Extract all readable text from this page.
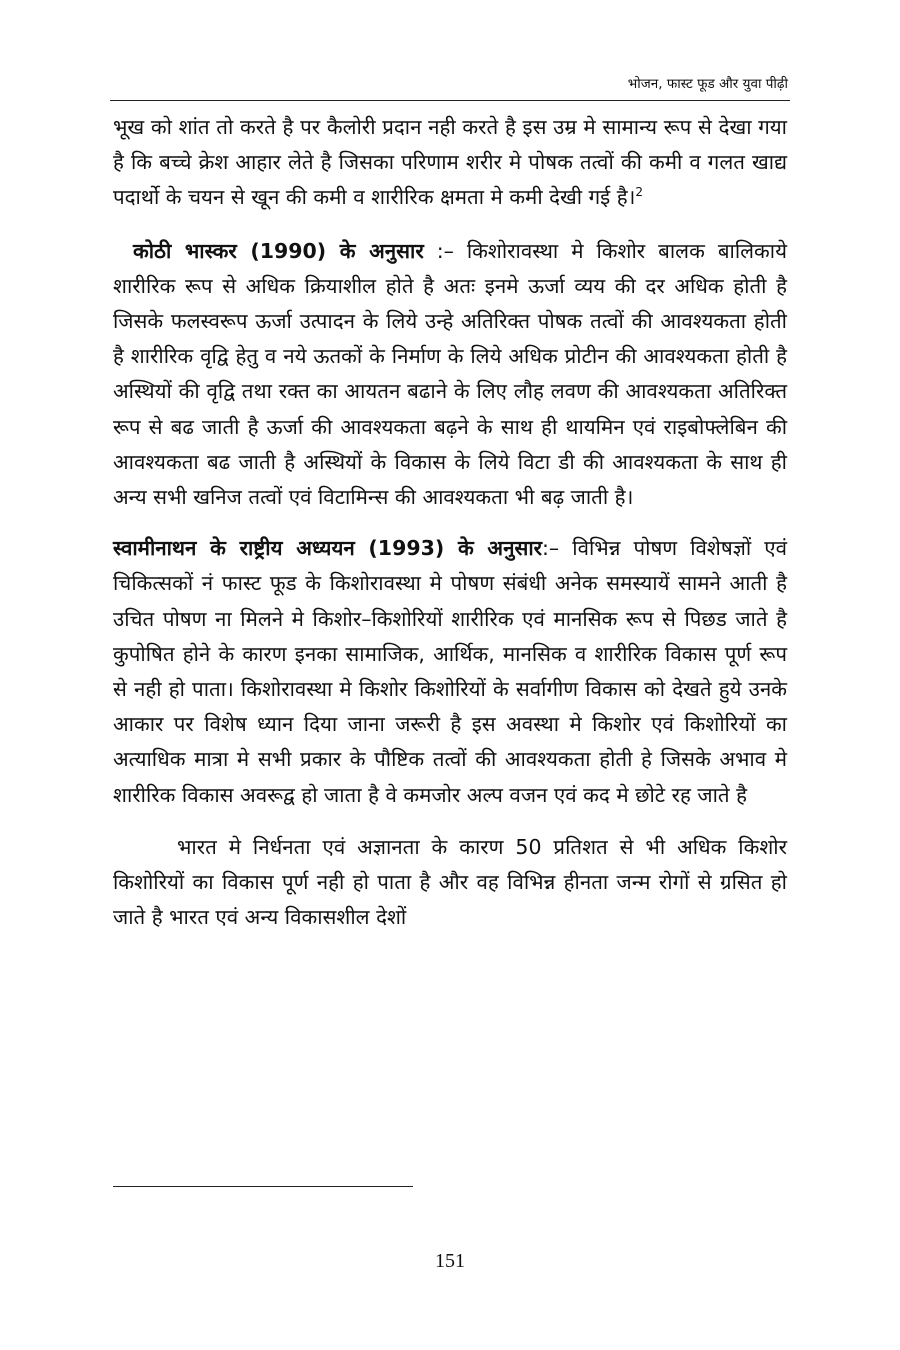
भोजन, फास्ट फूड और युवा पीढ़ी

भूख को शांत तो करते है पर कैलोरी प्रदान नही करते है इस उम्र मे सामान्य रूप से देखा गया है कि बच्चे क्रेश आहार लेते है जिसका परिणाम शरीर मे पोषक तत्वों की कमी व गलत खाद्य पदार्थो के चयन से खून की कमी व शारीरिक क्षमता मे कमी देखी गई है।$^2$

कोठी भास्कर (1990) के अनुसार :– किशोरावस्था मे किशोर बालक बालिकाये शारीरिक रूप से अधिक क्रियाशील होते है अतः इनमे ऊर्जा व्यय की दर अधिक होती है जिसके फलस्वरूप ऊर्जा उत्पादन के लिये उन्हे अतिरिक्त पोषक तत्वों की आवश्यकता होती है शारीरिक वृद्वि हेतु व नये ऊतकों के निर्माण के लिये अधिक प्रोटीन की आवश्यकता होती है अस्थियों की वृद्वि तथा रक्त का आयतन बढाने के लिए लौह लवण की आवश्यकता अतिरिक्त रूप से बढ जाती है ऊर्जा की आवश्यकता बढ़ने के साथ ही थायमिन एवं राइबोफ्लेबिन की आवश्यकता बढ जाती है अस्थियों के विकास के लिये विटा डी की आवश्यकता के साथ ही अन्य सभी खनिज तत्वों एवं विटामिन्स की आवश्यकता भी बढ़ जाती है।

स्वामीनाथन के राष्ट्रीय अध्ययन (1993) के अनुसार:– विभिन्न पोषण विशेषज्ञों एवं चिकित्सकों नं फास्ट फूड के किशोरावस्था मे पोषण संबंधी अनेक समस्यायें सामने आती है उचित पोषण ना मिलने मे किशोर–किशोरियों शारीरिक एवं मानसिक रूप से पिछड जाते है कुपोषित होने के कारण इनका सामाजिक, आर्थिक, मानसिक व शारीरिक विकास पूर्ण रूप से नही हो पाता। किशोरावस्था मे किशोर किशोरियों के सर्वागीण विकास को देखते हुये उनके आकार पर विशेष ध्यान दिया जाना जरूरी है इस अवस्था मे किशोर एवं किशोरियों का अत्याधिक मात्रा मे सभी प्रकार के पौष्टिक तत्वों की आवश्यकता होती हे जिसके अभाव मे शारीरिक विकास अवरूद्व हो जाता है वे कमजोर अल्प वजन एवं कद मे छोटे रह जाते है

भारत मे निर्धनता एवं अज्ञानता के कारण 50 प्रतिशत से भी अधिक किशोर किशोरियों का विकास पूर्ण नही हो पाता है और वह विभिन्न हीनता जन्म रोगों से ग्रसित हो जाते है भारत एवं अन्य विकासशील देशों

151
